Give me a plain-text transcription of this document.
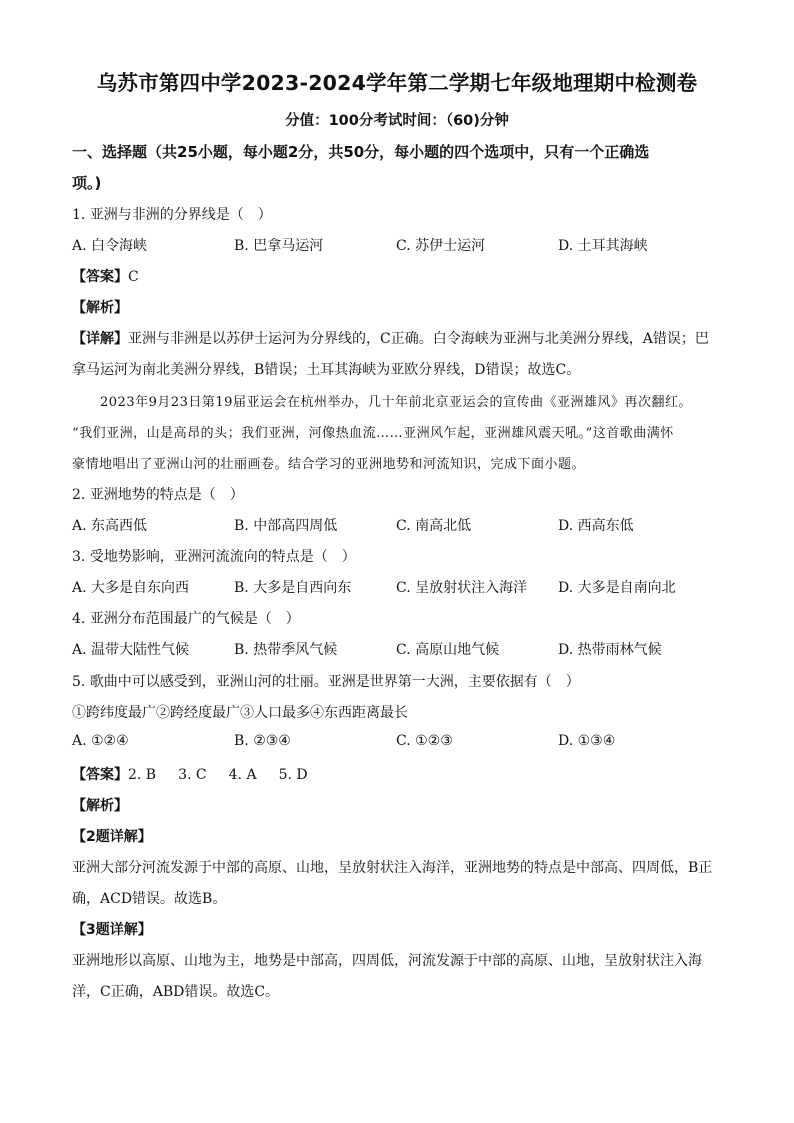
乌苏市第四中学2023-2024学年第二学期七年级地理期中检测卷
分值：100分考试时间：（60)分钟
一、选择题（共25小题，每小题2分，共50分，每小题的四个选项中，只有一个正确选
项。)
1. 亚洲与非洲的分界线是（　）
A. 白令海峡	B. 巴拿马运河	C. 苏伊士运河	D. 土耳其海峡
【答案】C
【解析】
【详解】亚洲与非洲是以苏伊士运河为分界线的，C正确。白令海峡为亚洲与北美洲分界线，A错误；巴
拿马运河为南北美洲分界线，B错误；土耳其海峡为亚欧分界线，D错误；故选C。
2023年9月23日第19届亚运会在杭州举办，几十年前北京亚运会的宣传曲《亚洲雄风》再次翻红。
“我们亚洲，山是高昂的头；我们亚洲，河像热血流……亚洲风乍起，亚洲雄风震天吼。”这首歌曲满怀
豪情地唱出了亚洲山河的壮丽画卷。结合学习的亚洲地势和河流知识，完成下面小题。
2. 亚洲地势的特点是（　）
A. 东高西低	B. 中部高四周低	C. 南高北低	D. 西高东低
3. 受地势影响，亚洲河流流向的特点是（　）
A. 大多是自东向西	B. 大多是自西向东	C. 呈放射状注入海洋 D. 大多是自南向北
4. 亚洲分布范围最广的气候是（　）
A. 温带大陆性气候	B. 热带季风气候	C. 高原山地气候	D. 热带雨林气候
5. 歌曲中可以感受到，亚洲山河的壮丽。亚洲是世界第一大洲，主要依据有（　）
①跨纬度最广②跨经度最广③人口最多④东西距离最长
A. ①②④	B. ②③④	C. ①②③	D. ①③④
【答案】2. B 3. C 4. A 5. D
【解析】
【2题详解】
亚洲大部分河流发源于中部的高原、山地，呈放射状注入海洋，亚洲地势的特点是中部高、四周低，B正
确，ACD错误。故选B。
【3题详解】
亚洲地形以高原、山地为主，地势是中部高，四周低，河流发源于中部的高原、山地，呈放射状注入海
洋，C正确，ABD错误。故选C。
